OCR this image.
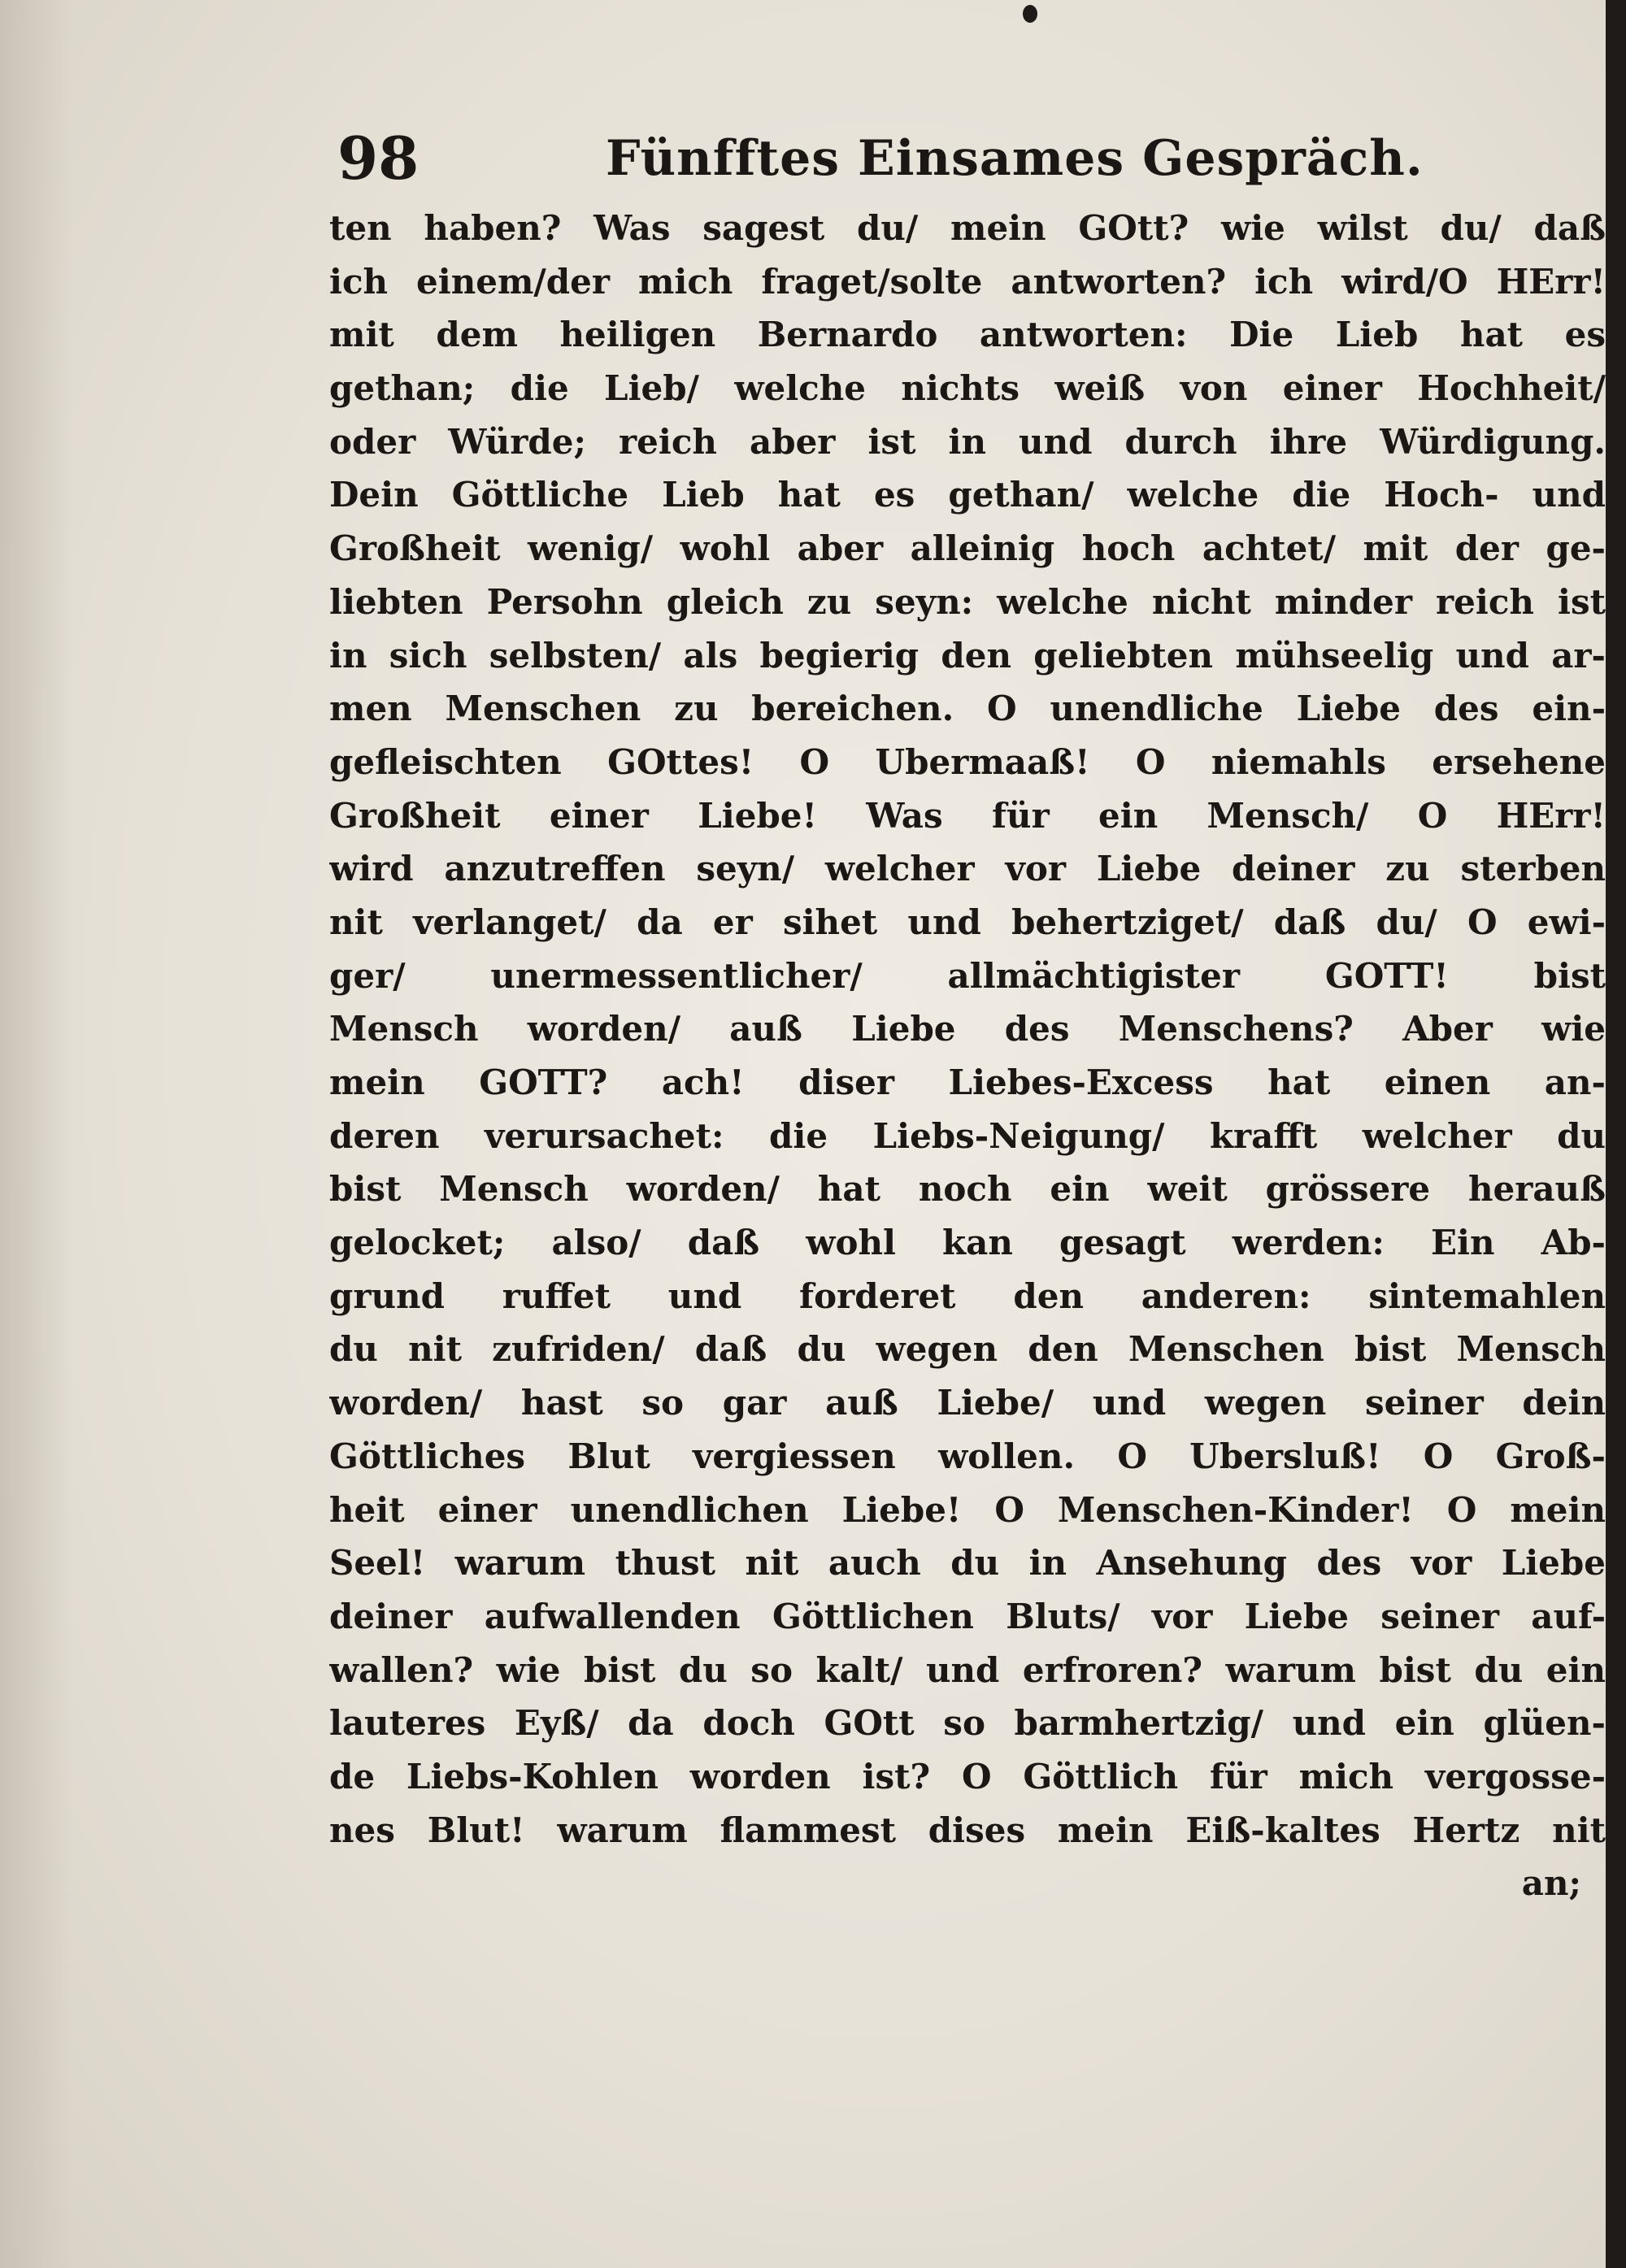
98	Fünfftes Einsames Gespräch.
ten haben? Was sagest du/ mein GOtt? wie wilst du/ daß
ich einem/der mich fraget/solte antworten? ich wird/O HErr!
mit dem heiligen Bernardo antworten: Die Lieb hat es
gethan; die Lieb/ welche nichts weiß von einer Hochheit/
oder Würde; reich aber ist in und durch ihre Würdigung.
Dein Göttliche Lieb hat es gethan/ welche die Hoch- und
Großheit wenig/ wohl aber alleinig hoch achtet/ mit der ge-
liebten Persohn gleich zu seyn: welche nicht minder reich ist
in sich selbsten/ als begierig den geliebten mühseelig und ar-
men Menschen zu bereichen. O unendliche Liebe des ein-
gefleischten GOttes! O Ubermaaß! O niemahls ersehene
Großheit einer Liebe! Was für ein Mensch/ O HErr!
wird anzutreffen seyn/ welcher vor Liebe deiner zu sterben
nit verlanget/ da er sihet und behertziget/ daß du/ O ewi-
ger/ unermessentlicher/ allmächtigister GOTT! bist
Mensch worden/ auß Liebe des Menschens? Aber wie
mein GOTT? ach! diser Liebes-Excess hat einen an-
deren verursachet: die Liebs-Neigung/ krafft welcher du
bist Mensch worden/ hat noch ein weit grössere herauß
gelocket; also/ daß wohl kan gesagt werden: Ein Ab-
grund ruffet und forderet den anderen: sintemahlen
du nit zufriden/ daß du wegen den Menschen bist Mensch
worden/ hast so gar auß Liebe/ und wegen seiner dein
Göttliches Blut vergiessen wollen. O Ubersluß! O Groß-
heit einer unendlichen Liebe! O Menschen-Kinder! O mein
Seel! warum thust nit auch du in Ansehung des vor Liebe
deiner aufwallenden Göttlichen Bluts/ vor Liebe seiner auf-
wallen? wie bist du so kalt/ und erfroren? warum bist du ein
lauteres Eyß/ da doch GOtt so barmhertzig/ und ein glüen-
de Liebs-Kohlen worden ist? O Göttlich für mich vergosse-
nes Blut! warum flammest dises mein Eiß-kaltes Hertz nit
an;
